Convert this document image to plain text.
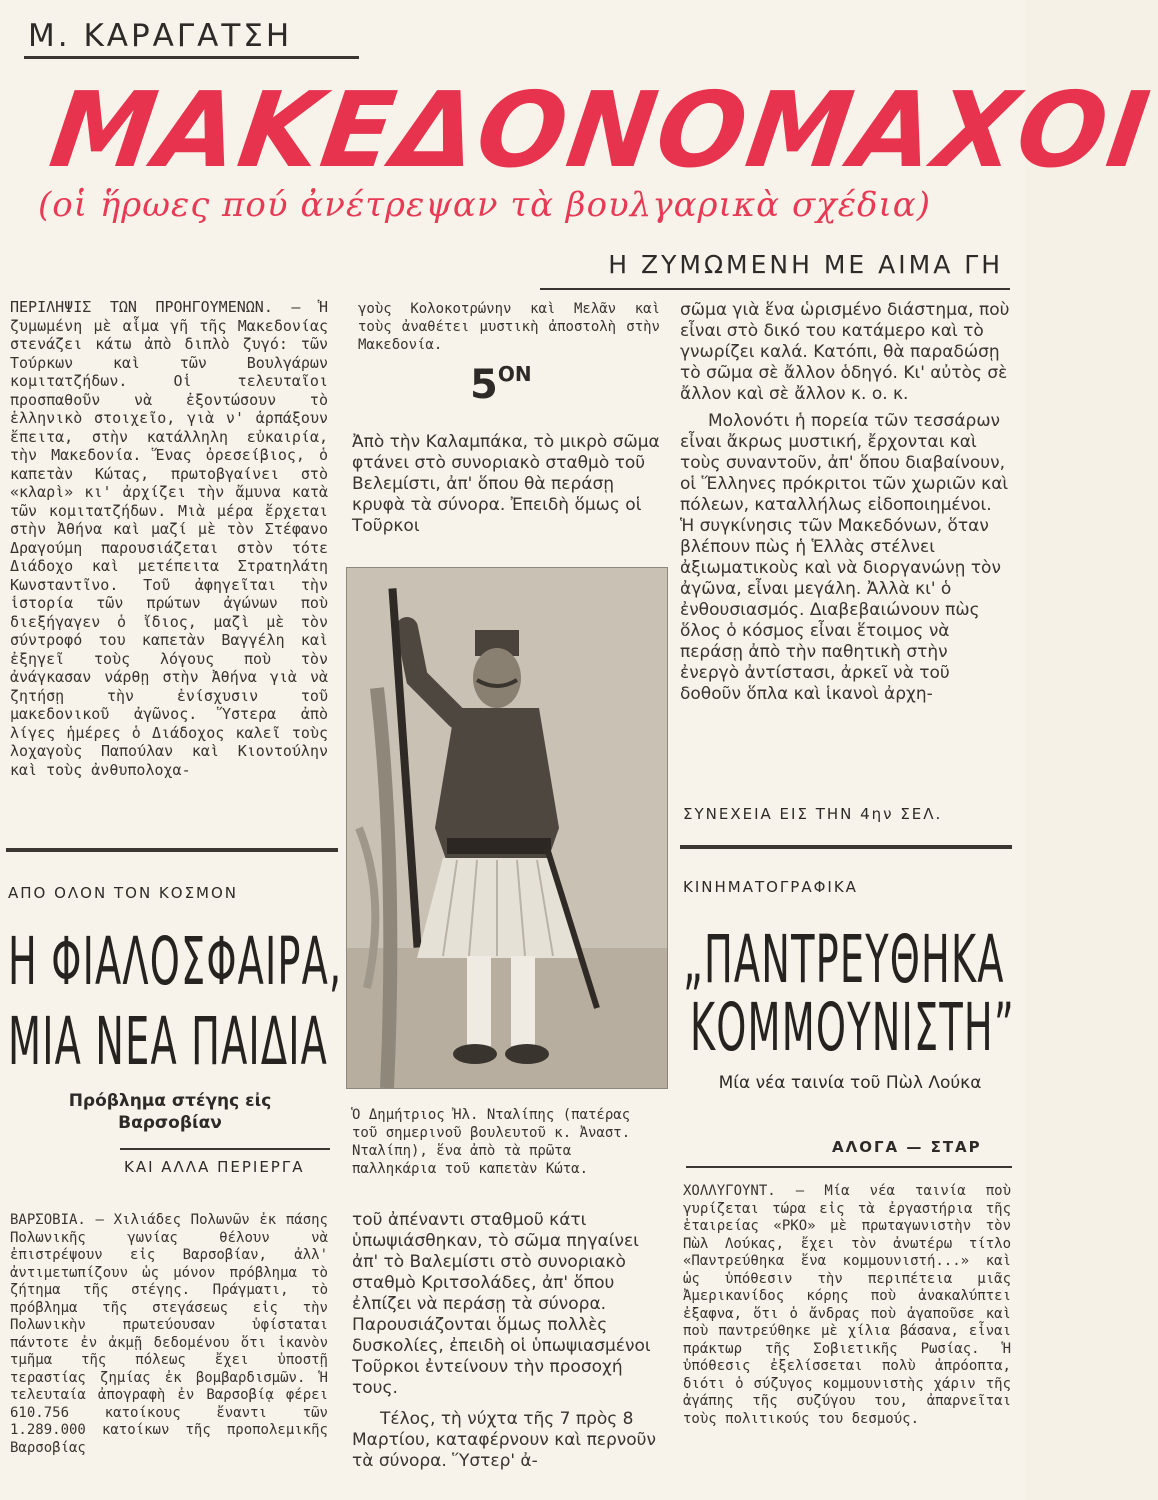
Μ. ΚΑΡΑΓΑΤΣΗ
ΜΑΚΕΔΟΝΟΜΑΧΟΙ
(οἱ ἥρωες πού ἀνέτρεψαν τὰ βουλγαρικὰ σχέδια)
Η ΖΥΜΩΜΕΝΗ ΜΕ ΑΙΜΑ ΓΗ
ΠΕΡΙΛΗΨΙΣ ΤΩΝ ΠΡΟΗΓΟΥΜΕΝΩΝ. — Ἡ ζυμωμένη μὲ αἷμα γῆ τῆς Μακεδονίας στενάζει κάτω ἀπὸ διπλὸ ζυγό: τῶν Τούρκων καὶ τῶν Βουλγάρων κομιτατζήδων. Οἱ τελευταῖοι προσπαθοῦν νὰ ἐξοντώσουν τὸ ἑλληνικὸ στοιχεῖο, γιὰ ν' ἁρπάξουν ἔπειτα, στὴν κατάλληλη εὐκαιρία, τὴν Μακεδονία. Ἕνας ὀρεσείβιος, ὁ καπετὰν Κώτας, πρωτοβγαίνει στὸ «κλαρὶ» κι' ἀρχίζει τὴν ἄμυνα κατὰ τῶν κομιτατζήδων. Μιὰ μέρα ἔρχεται στὴν Ἀθήνα καὶ μαζί μὲ τὸν Στέφανο Δραγούμη παρουσιάζεται στὸν τότε Διάδοχο καὶ μετέπειτα Στρατηλάτη Κωνσταντῖνο. Τοῦ ἀφηγεῖται τὴν ἱστορία τῶν πρώτων ἀγώνων ποὺ διεξήγαγεν ὁ ἴδιος, μαζὶ μὲ τὸν σύντροφό του καπετὰν Βαγγέλη καὶ ἐξηγεῖ τοὺς λόγους ποὺ τὸν ἀνάγκασαν νάρθῃ στὴν Ἀθήνα γιὰ νὰ ζητήσῃ τὴν ἐνίσχυσιν τοῦ μακεδονικοῦ ἀγῶνος. Ὕστερα ἀπὸ λίγες ἡμέρες ὁ Διάδοχος καλεῖ τοὺς λοχαγοὺς Παπούλαν καὶ Κιοντούλην καὶ τοὺς ἀνθυπολοχα-
γοὺς Κολοκοτρώνην καὶ Μελᾶν καὶ τοὺς ἀναθέτει μυστικὴ ἀποστολὴ στὴν Μακεδονία.
$5^{ON}$
Ἀπὸ τὴν Καλαμπάκα, τὸ μικρὸ σῶμα φτάνει στὸ συνοριακὸ σταθμὸ τοῦ Βελεμίστι, ἀπ' ὅπου θὰ περάσῃ κρυφὰ τὰ σύνορα. Ἐπειδὴ ὅμως οἱ Τοῦρκοι
Ὁ Δημήτριος Ἠλ. Νταλίπης (πατέρας τοῦ σημερινοῦ βουλευτοῦ κ. Ἀναστ. Νταλίπη), ἕνα ἀπὸ τὰ πρῶτα παλληκάρια τοῦ καπετὰν Κώτα.
τοῦ ἀπέναντι σταθμοῦ κάτι ὑπωψιάσθηκαν, τὸ σῶμα πηγαίνει ἀπ' τὸ Βαλεμίστι στὸ συνοριακὸ σταθμὸ Κριτσολάδες, ἀπ' ὅπου ἐλπίζει νὰ περάσῃ τὰ σύνορα. Παρουσιάζονται ὅμως πολλὲς δυσκολίες, ἐπειδὴ οἱ ὑπωψιασμένοι Τοῦρκοι ἐντείνουν τὴν προσοχή τους.
Τέλος, τὴ νύχτα τῆς 7 πρὸς 8 Μαρτίου, καταφέρνουν καὶ περνοῦν τὰ σύνορα. Ὕστερ' ἀ-
σῶμα γιὰ ἕνα ὡρισμένο διάστημα, ποὺ εἶναι στὸ δικό του κατάμερο καὶ τὸ γνωρίζει καλά. Κατόπι, θὰ παραδώσῃ τὸ σῶμα σὲ ἄλλον ὁδηγό. Κι' αὐτὸς σὲ ἄλλον καὶ σὲ ἄλλον κ. ο. κ.
Μολονότι ἡ πορεία τῶν τεσσάρων εἶναι ἄκρως μυστική, ἔρχονται καὶ τοὺς συναντοῦν, ἀπ' ὅπου διαβαίνουν, οἱ Ἕλληνες πρόκριτοι τῶν χωριῶν καὶ πόλεων, καταλλήλως εἰδοποιημένοι. Ἡ συγκίνησις τῶν Μακεδόνων, ὅταν βλέπουν πὼς ἡ Ἑλλὰς στέλνει ἀξιωματικοὺς καὶ νὰ διοργανώνῃ τὸν ἀγῶνα, εἶναι μεγάλη. Ἀλλὰ κι' ὁ ἐνθουσιασμός. Διαβεβαιώνουν πὼς ὅλος ὁ κόσμος εἶναι ἕτοιμος νὰ περάσῃ ἀπὸ τὴν παθητικὴ στὴν ἐνεργὸ ἀντίστασι, ἀρκεῖ νὰ τοῦ δοθοῦν ὅπλα καὶ ἱκανοὶ ἀρχη-
ΣΥΝΕΧΕΙΑ ΕΙΣ ΤΗΝ 4ην ΣΕΛ.
ΑΠΟ ΟΛΟΝ ΤΟΝ ΚΟΣΜΟΝ
Η ΦΙΑΛΟΣΦΑΙΡΑ,
ΜΙΑ ΝΕΑ ΠΑΙΔΙΑ
Πρόβλημα στέγης εἰς Βαρσοβίαν
ΚΑΙ ΑΛΛΑ ΠΕΡΙΕΡΓΑ
ΒΑΡΣΟΒΙΑ. — Χιλιάδες Πολωνῶν ἐκ πάσης Πολωνικῆς γωνίας θέλουν νὰ ἐπιστρέψουν εἰς Βαρσοβίαν, ἀλλ' ἀντιμετωπίζουν ὡς μόνον πρόβλημα τὸ ζήτημα τῆς στέγης. Πράγματι, τὸ πρόβλημα τῆς στεγάσεως εἰς τὴν Πολωνικὴν πρωτεύουσαν ὑφίσταται πάντοτε ἐν ἀκμῇ δεδομένου ὅτι ἱκανὸν τμῆμα τῆς πόλεως ἔχει ὑποστῇ τεραστίας ζημίας ἐκ βομβαρδισμῶν. Ἡ τελευταία ἀπογραφὴ ἐν Βαρσοβίᾳ φέρει 610.756 κατοίκους ἔναντι τῶν 1.289.000 κατοίκων τῆς προπολεμικῆς Βαρσοβίας
ΚΙΝΗΜΑΤΟΓΡΑΦΙΚΑ
„ΠΑΝΤΡΕΥΘΗΚΑ
ΚΟΜΜΟΥΝΙΣΤΗ”
Μία νέα ταινία τοῦ Πὼλ Λούκα
ΑΛΟΓΑ — ΣΤΑΡ
ΧΟΛΛΥΓΟΥΝΤ. — Μία νέα ταινία ποὺ γυρίζεται τώρα εἰς τὰ ἐργαστήρια τῆς ἑταιρείας «ΡΚΟ» μὲ πρωταγωνιστὴν τὸν Πὼλ Λούκας, ἔχει τὸν ἀνωτέρω τίτλο «Παντρεύθηκα ἕνα κομμουνιστή...» καὶ ὡς ὑπόθεσιν τὴν περιπέτεια μιᾶς Ἀμερικανίδος κόρης ποὺ ἀνακαλύπτει ἐξαφνα, ὅτι ὁ ἄνδρας ποὺ ἀγαποῦσε καὶ ποὺ παντρεύθηκε μὲ χίλια βάσανα, εἶναι πράκτωρ τῆς Σοβιετικῆς Ρωσίας. Ἡ ὑπόθεσις ἐξελίσσεται πολὺ ἀπρόοπτα, διότι ὁ σύζυγος κομμουνιστὴς χάριν τῆς ἀγάπης τῆς συζύγου του, ἀπαρνεῖται τοὺς πολιτικούς του δεσμούς.
